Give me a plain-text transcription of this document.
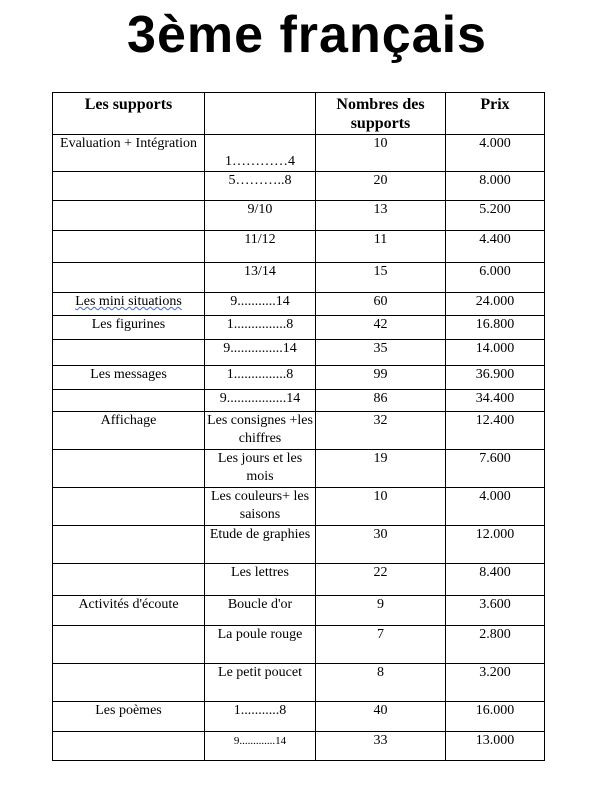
3ème français
Les supports		Nombres des supports	Prix
Evaluation + Intégration	1…………4	10	4.000
	5………..8	20	8.000
	9/10	13	5.200
	11/12	11	4.400
	13/14	15	6.000
Les mini situations	9...........14	60	24.000
Les figurines	1...............8	42	16.800
	9...............14	35	14.000
Les messages	1...............8	99	36.900
	9.................14	86	34.400
Affichage	Les consignes +les chiffres	32	12.400
	Les jours et les mois	19	7.600
	Les couleurs+ les saisons	10	4.000
	Etude de graphies	30	12.000
	Les lettres	22	8.400
Activités d'écoute	Boucle d'or	9	3.600
	La poule rouge	7	2.800
	Le petit poucet	8	3.200
Les poèmes	1...........8	40	16.000
	9.............14	33	13.000
